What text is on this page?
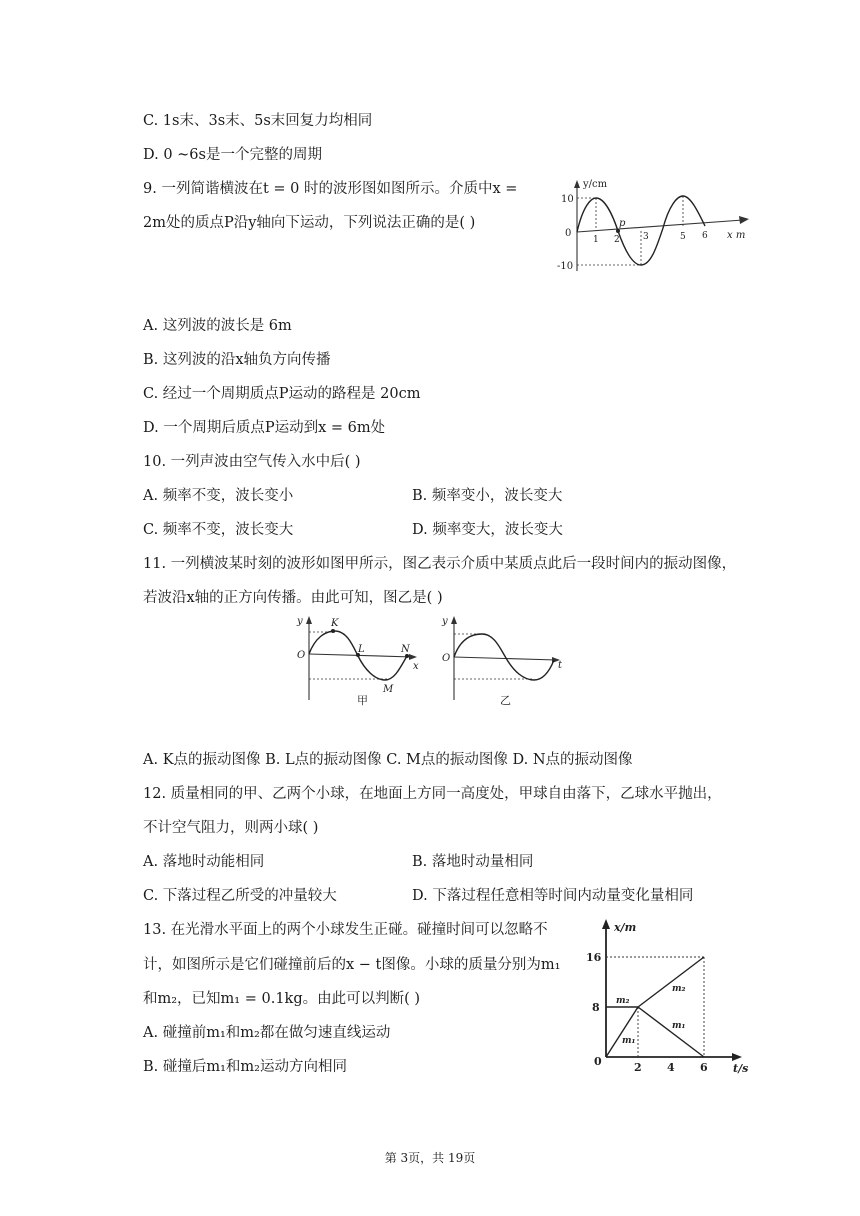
C. 1s末、3s末、5s末回复力均相同
D. 0 ~6s是一个完整的周期
9. 一列简谐横波在t = 0 时的波形图如图所示。介质中x =
2m处的质点P沿y轴向下运动，下列说法正确的是( )
y/cm
x m
10
0
-10
1 2	3	5 6
p
A. 这列波的波长是 6m
B. 这列波的沿x轴负方向传播
C. 经过一个周期质点P运动的路程是 20cm
D. 一个周期后质点P运动到x = 6m处
10. 一列声波由空气传入水中后( )
A. 频率不变，波长变小	B. 频率变小，波长变大
C. 频率不变，波长变大	D. 频率变大，波长变大
11. 一列横波某时刻的波形如图甲所示，图乙表示介质中某质点此后一段时间内的振动图像，
若波沿x轴的正方向传播。由此可知，图乙是( )
y
O
x
K
L	N
M
甲
y
O
t
乙
A. K点的振动图像 B. L点的振动图像 C. M点的振动图像 D. N点的振动图像
12. 质量相同的甲、乙两个小球，在地面上方同一高度处，甲球自由落下，乙球水平抛出，
不计空气阻力，则两小球( )
A. 落地时动能相同	B. 落地时动量相同
C. 下落过程乙所受的冲量较大	D. 下落过程任意相等时间内动量变化量相同
13. 在光滑水平面上的两个小球发生正碰。碰撞时间可以忽略不
计，如图所示是它们碰撞前后的x − t图像。小球的质量分别为m₁
和m₂，已知m₁ = 0.1kg。由此可以判断( )
A. 碰撞前m₁和m₂都在做匀速直线运动
B. 碰撞后m₁和m₂运动方向相同
x/m
t/s
16
8
0	2 4 6
m₂
m₁
m₂
m₁
第 3页，共 19页
